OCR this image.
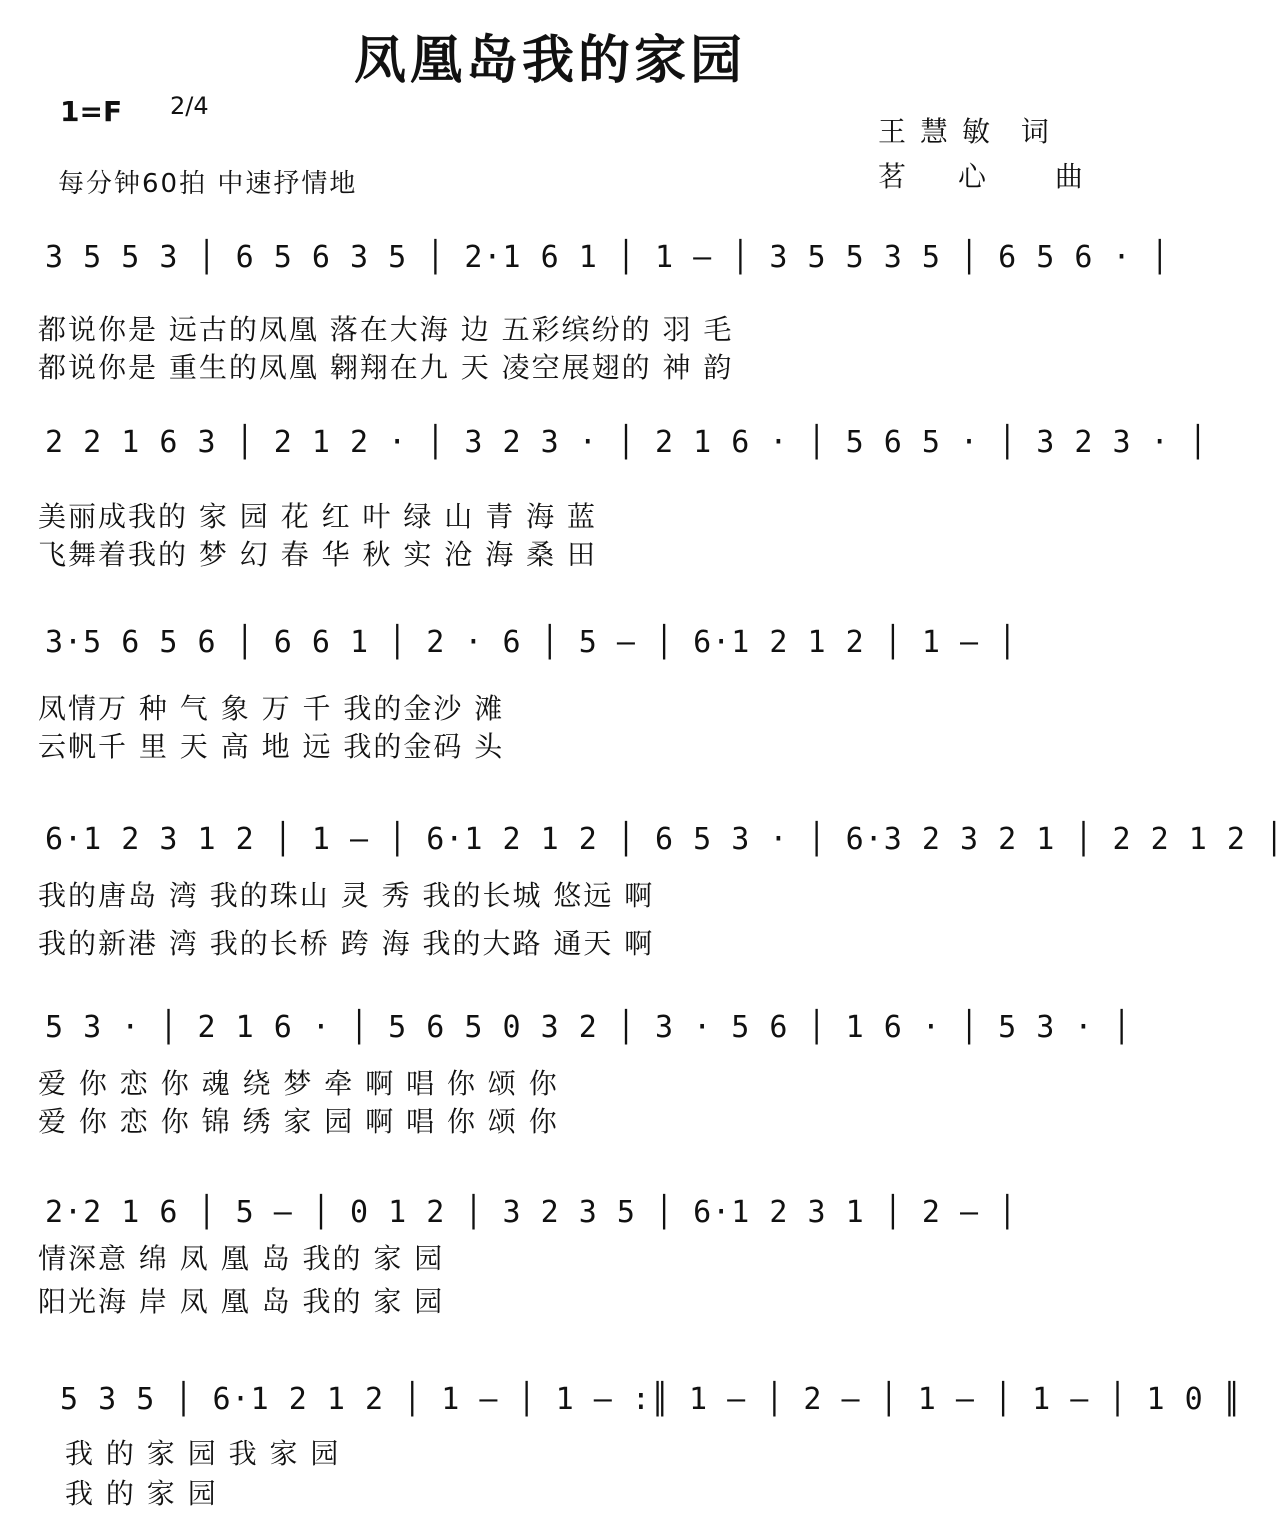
凤凰岛我的家园
1=F 2/4
每分钟60拍 中速抒情地
王慧敏 词
茗心 曲
3 5 5 3 │ 6 5 6 3 5 │ 2·1 6 1 │ 1 — │ 3 5 5 3 5 │ 6 5 6 · │
都说你是 远古的凤凰 落在大海 边 五彩缤纷的 羽 毛
都说你是 重生的凤凰 翱翔在九 天 凌空展翅的 神 韵
2 2 1 6 3 │ 2 1 2 · │ 3 2 3 · │ 2 1 6 · │ 5 6 5 · │ 3 2 3 · │
美丽成我的 家 园 花 红 叶 绿 山 青 海 蓝
飞舞着我的 梦 幻 春 华 秋 实 沧 海 桑 田
3·5 6 5 6 │ 6 6 1 │ 2 · 6 │ 5 — │ 6·1 2 1 2 │ 1 — │
凤情万 种 气 象 万 千 我的金沙 滩
云帆千 里 天 高 地 远 我的金码 头
6·1 2 3 1 2 │ 1 — │ 6·1 2 1 2 │ 6 5 3 · │ 6·3 2 3 2 1 │ 2 2 1 2 │
我的唐岛 湾 我的珠山 灵 秀 我的长城 悠远 啊
我的新港 湾 我的长桥 跨 海 我的大路 通天 啊
5 3 · │ 2 1 6 · │ 5 6 5 0 3 2 │ 3 · 5 6 │ 1 6 · │ 5 3 · │
爱 你 恋 你 魂 绕 梦 牵 啊 唱 你 颂 你
爱 你 恋 你 锦 绣 家 园 啊 唱 你 颂 你
2·2 1 6 │ 5 — │ 0 1 2 │ 3 2 3 5 │ 6·1 2 3 1 │ 2 — │
情深意 绵 凤 凰 岛 我的 家 园
阳光海 岸 凤 凰 岛 我的 家 园
5 3 5 │ 6·1 2 1 2 │ 1 — │ 1 — :║ 1 — │ 2 — │ 1 — │ 1 — │ 1 0 ║
我 的 家 园 我 家 园
我 的 家 园
